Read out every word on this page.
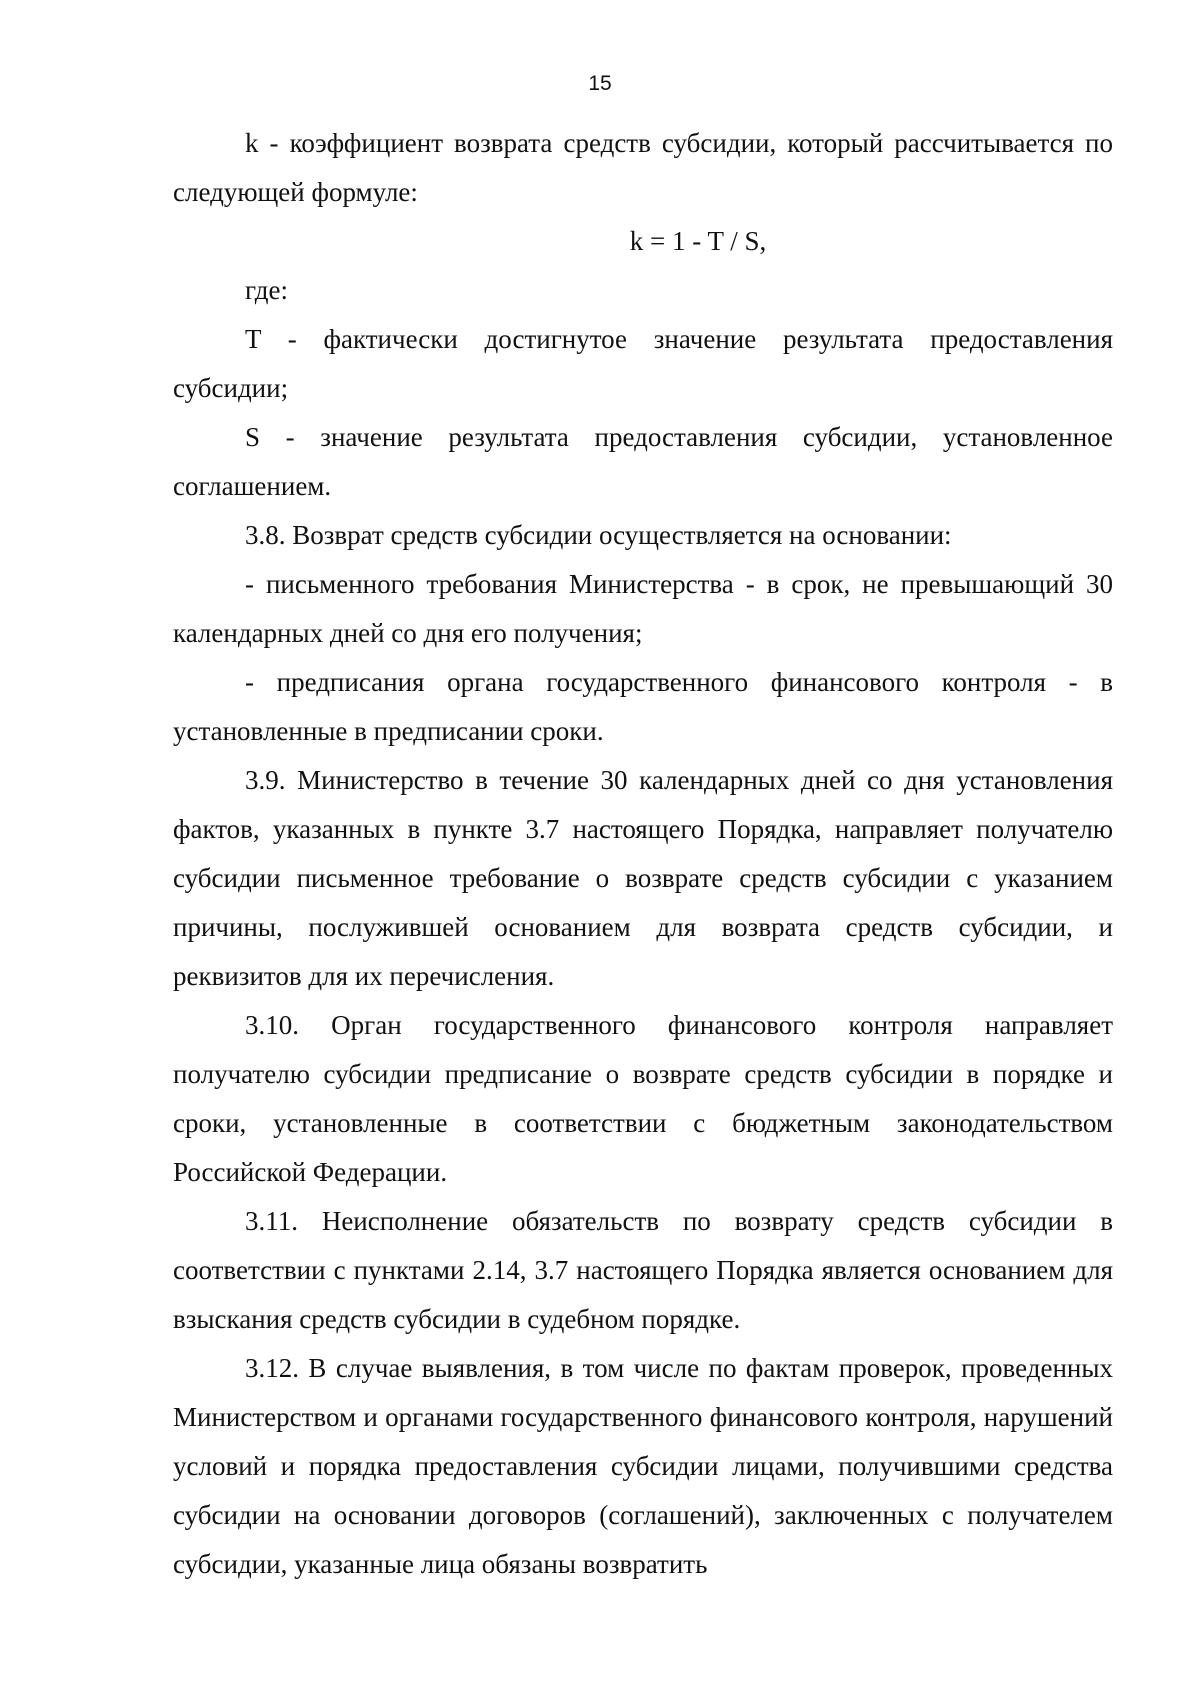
15

k - коэффициент возврата средств субсидии, который рассчитывается по следующей формуле:

k = 1 - T / S,

где:

T - фактически достигнутое значение результата предоставления субсидии;

S - значение результата предоставления субсидии, установленное соглашением.

3.8. Возврат средств субсидии осуществляется на основании:

- письменного требования Министерства - в срок, не превышающий 30 календарных дней со дня его получения;

- предписания органа государственного финансового контроля - в установленные в предписании сроки.

3.9. Министерство в течение 30 календарных дней со дня установления фактов, указанных в пункте 3.7 настоящего Порядка, направляет получателю субсидии письменное требование о возврате средств субсидии с указанием причины, послужившей основанием для возврата средств субсидии, и реквизитов для их перечисления.

3.10. Орган государственного финансового контроля направляет получателю субсидии предписание о возврате средств субсидии в порядке и сроки, установленные в соответствии с бюджетным законодательством Российской Федерации.

3.11. Неисполнение обязательств по возврату средств субсидии в соответствии с пунктами 2.14, 3.7 настоящего Порядка является основанием для взыскания средств субсидии в судебном порядке.

3.12. В случае выявления, в том числе по фактам проверок, проведенных Министерством и органами государственного финансового контроля, нарушений условий и порядка предоставления субсидии лицами, получившими средства субсидии на основании договоров (соглашений), заключенных с получателем субсидии, указанные лица обязаны возвратить
